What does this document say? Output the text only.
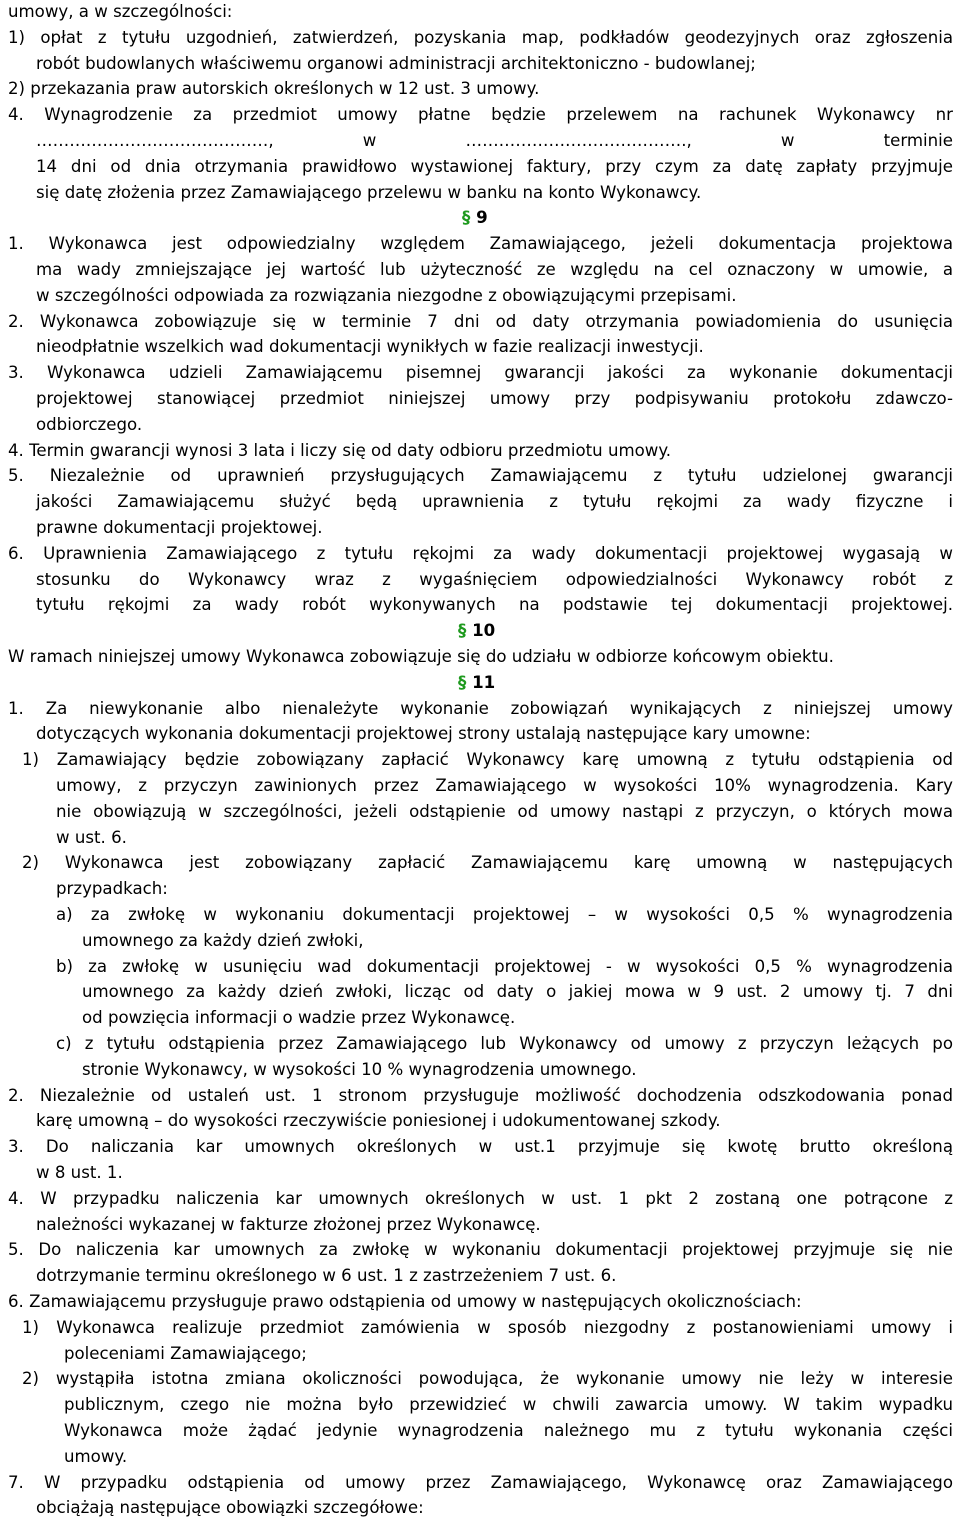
umowy, a w szczególności:
1) opłat z tytułu uzgodnień, zatwierdzeń, pozyskania map, podkładów geodezyjnych oraz zgłoszenia
robót budowlanych właściwemu organowi administracji architektoniczno - budowlanej;
2) przekazania praw autorskich określonych w 12 ust. 3 umowy.
4. Wynagrodzenie za przedmiot umowy płatne będzie przelewem na rachunek Wykonawcy nr
……………………………………, w …………………………………., w terminie
14 dni od dnia otrzymania prawidłowo wystawionej faktury, przy czym za datę zapłaty przyjmuje
się datę złożenia przez Zamawiającego przelewu w banku na konto Wykonawcy.
§ 9
1. Wykonawca jest odpowiedzialny względem Zamawiającego, jeżeli dokumentacja projektowa
ma wady zmniejszające jej wartość lub użyteczność ze względu na cel oznaczony w umowie, a
w szczególności odpowiada za rozwiązania niezgodne z obowiązującymi przepisami.
2. Wykonawca zobowiązuje się w terminie 7 dni od daty otrzymania powiadomienia do usunięcia
nieodpłatnie wszelkich wad dokumentacji wynikłych w fazie realizacji inwestycji.
3. Wykonawca udzieli Zamawiającemu pisemnej gwarancji jakości za wykonanie dokumentacji
projektowej stanowiącej przedmiot niniejszej umowy przy podpisywaniu protokołu zdawczo-
odbiorczego.
4. Termin gwarancji wynosi 3 lata i liczy się od daty odbioru przedmiotu umowy.
5. Niezależnie od uprawnień przysługujących Zamawiającemu z tytułu udzielonej gwarancji
jakości Zamawiającemu służyć będą uprawnienia z tytułu rękojmi za wady fizyczne i
prawne dokumentacji projektowej.
6. Uprawnienia Zamawiającego z tytułu rękojmi za wady dokumentacji projektowej wygasają w
stosunku do Wykonawcy wraz z wygaśnięciem odpowiedzialności Wykonawcy robót z
tytułu rękojmi za wady robót wykonywanych na podstawie tej dokumentacji projektowej.
§ 10
W ramach niniejszej umowy Wykonawca zobowiązuje się do udziału w odbiorze końcowym obiektu.
§ 11
1. Za niewykonanie albo nienależyte wykonanie zobowiązań wynikających z niniejszej umowy
dotyczących wykonania dokumentacji projektowej strony ustalają następujące kary umowne:
1) Zamawiający będzie zobowiązany zapłacić Wykonawcy karę umowną z tytułu odstąpienia od
umowy, z przyczyn zawinionych przez Zamawiającego w wysokości 10% wynagrodzenia. Kary
nie obowiązują w szczególności, jeżeli odstąpienie od umowy nastąpi z przyczyn, o których mowa
w ust. 6.
2) Wykonawca jest zobowiązany zapłacić Zamawiającemu karę umowną w następujących
przypadkach:
a) za zwłokę w wykonaniu dokumentacji projektowej – w wysokości 0,5 % wynagrodzenia
umownego za każdy dzień zwłoki,
b) za zwłokę w usunięciu wad dokumentacji projektowej - w wysokości 0,5 % wynagrodzenia
umownego za każdy dzień zwłoki, licząc od daty o jakiej mowa w 9 ust. 2 umowy tj. 7 dni
od powzięcia informacji o wadzie przez Wykonawcę.
c) z tytułu odstąpienia przez Zamawiającego lub Wykonawcy od umowy z przyczyn leżących po
stronie Wykonawcy, w wysokości 10 % wynagrodzenia umownego.
2. Niezależnie od ustaleń ust. 1 stronom przysługuje możliwość dochodzenia odszkodowania ponad
karę umowną – do wysokości rzeczywiście poniesionej i udokumentowanej szkody.
3. Do naliczania kar umownych określonych w ust.1 przyjmuje się kwotę brutto określoną
w 8 ust. 1.
4. W przypadku naliczenia kar umownych określonych w ust. 1 pkt 2 zostaną one potrącone z
należności wykazanej w fakturze złożonej przez Wykonawcę.
5. Do naliczenia kar umownych za zwłokę w wykonaniu dokumentacji projektowej przyjmuje się nie
dotrzymanie terminu określonego w 6 ust. 1 z zastrzeżeniem 7 ust. 6.
6. Zamawiającemu przysługuje prawo odstąpienia od umowy w następujących okolicznościach:
1) Wykonawca realizuje przedmiot zamówienia w sposób niezgodny z postanowieniami umowy i
poleceniami Zamawiającego;
2) wystąpiła istotna zmiana okoliczności powodująca, że wykonanie umowy nie leży w interesie
publicznym, czego nie można było przewidzieć w chwili zawarcia umowy. W takim wypadku
Wykonawca może żądać jedynie wynagrodzenia należnego mu z tytułu wykonania części
umowy.
7. W przypadku odstąpienia od umowy przez Zamawiającego, Wykonawcę oraz Zamawiającego
obciążają następujące obowiązki szczegółowe:
